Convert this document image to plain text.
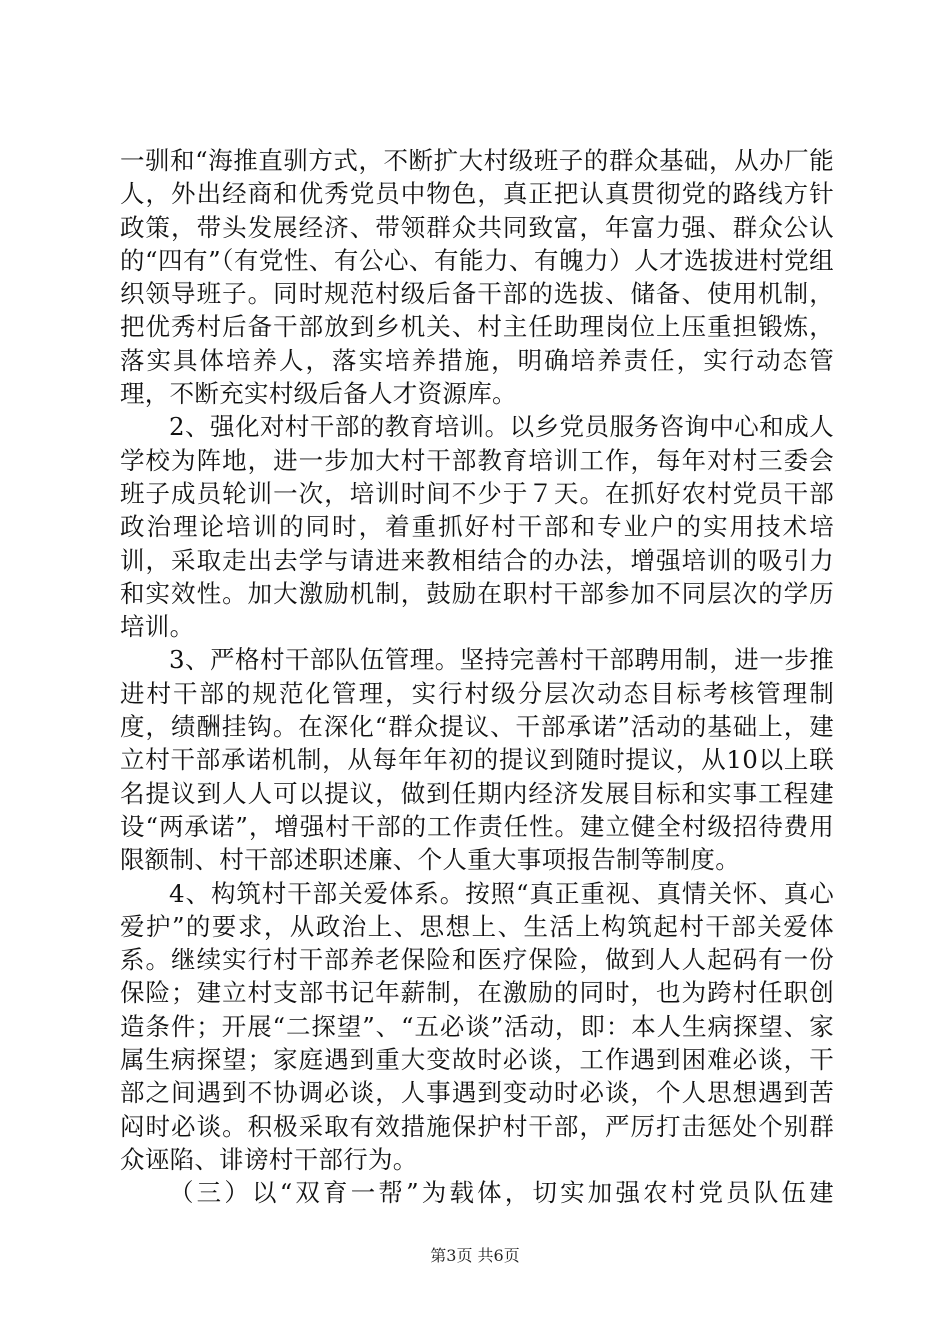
一驯和“海推直驯方式，不断扩大村级班子的群众基础，从办厂能人，外出经商和优秀党员中物色，真正把认真贯彻党的路线方针政策，带头发展经济、带领群众共同致富，年富力强、群众公认的“四有”（有党性、有公心、有能力、有魄力）人才选拔进村党组织领导班子。同时规范村级后备干部的选拔、储备、使用机制，把优秀村后备干部放到乡机关、村主任助理岗位上压重担锻炼，落实具体培养人，落实培养措施，明确培养责任，实行动态管理，不断充实村级后备人才资源库。

2、强化对村干部的教育培训。以乡党员服务咨询中心和成人学校为阵地，进一步加大村干部教育培训工作，每年对村三委会班子成员轮训一次，培训时间不少于７天。在抓好农村党员干部政治理论培训的同时，着重抓好村干部和专业户的实用技术培训，采取走出去学与请进来教相结合的办法，增强培训的吸引力和实效性。加大激励机制，鼓励在职村干部参加不同层次的学历培训。

3、严格村干部队伍管理。坚持完善村干部聘用制，进一步推进村干部的规范化管理，实行村级分层次动态目标考核管理制度，绩酬挂钩。在深化“群众提议、干部承诺”活动的基础上，建立村干部承诺机制，从每年年初的提议到随时提议，从10以上联名提议到人人可以提议，做到任期内经济发展目标和实事工程建设“两承诺”，增强村干部的工作责任性。建立健全村级招待费用限额制、村干部述职述廉、个人重大事项报告制等制度。

4、构筑村干部关爱体系。按照“真正重视、真情关怀、真心爱护”的要求，从政治上、思想上、生活上构筑起村干部关爱体系。继续实行村干部养老保险和医疗保险，做到人人起码有一份保险；建立村支部书记年薪制，在激励的同时，也为跨村任职创造条件；开展“二探望”、“五必谈”活动，即：本人生病探望、家属生病探望；家庭遇到重大变故时必谈，工作遇到困难必谈，干部之间遇到不协调必谈，人事遇到变动时必谈，个人思想遇到苦闷时必谈。积极采取有效措施保护村干部，严厉打击惩处个别群众诬陷、诽谤村干部行为。

（三）以“双育一帮”为载体，切实加强农村党员队伍建

第3页 共6页
